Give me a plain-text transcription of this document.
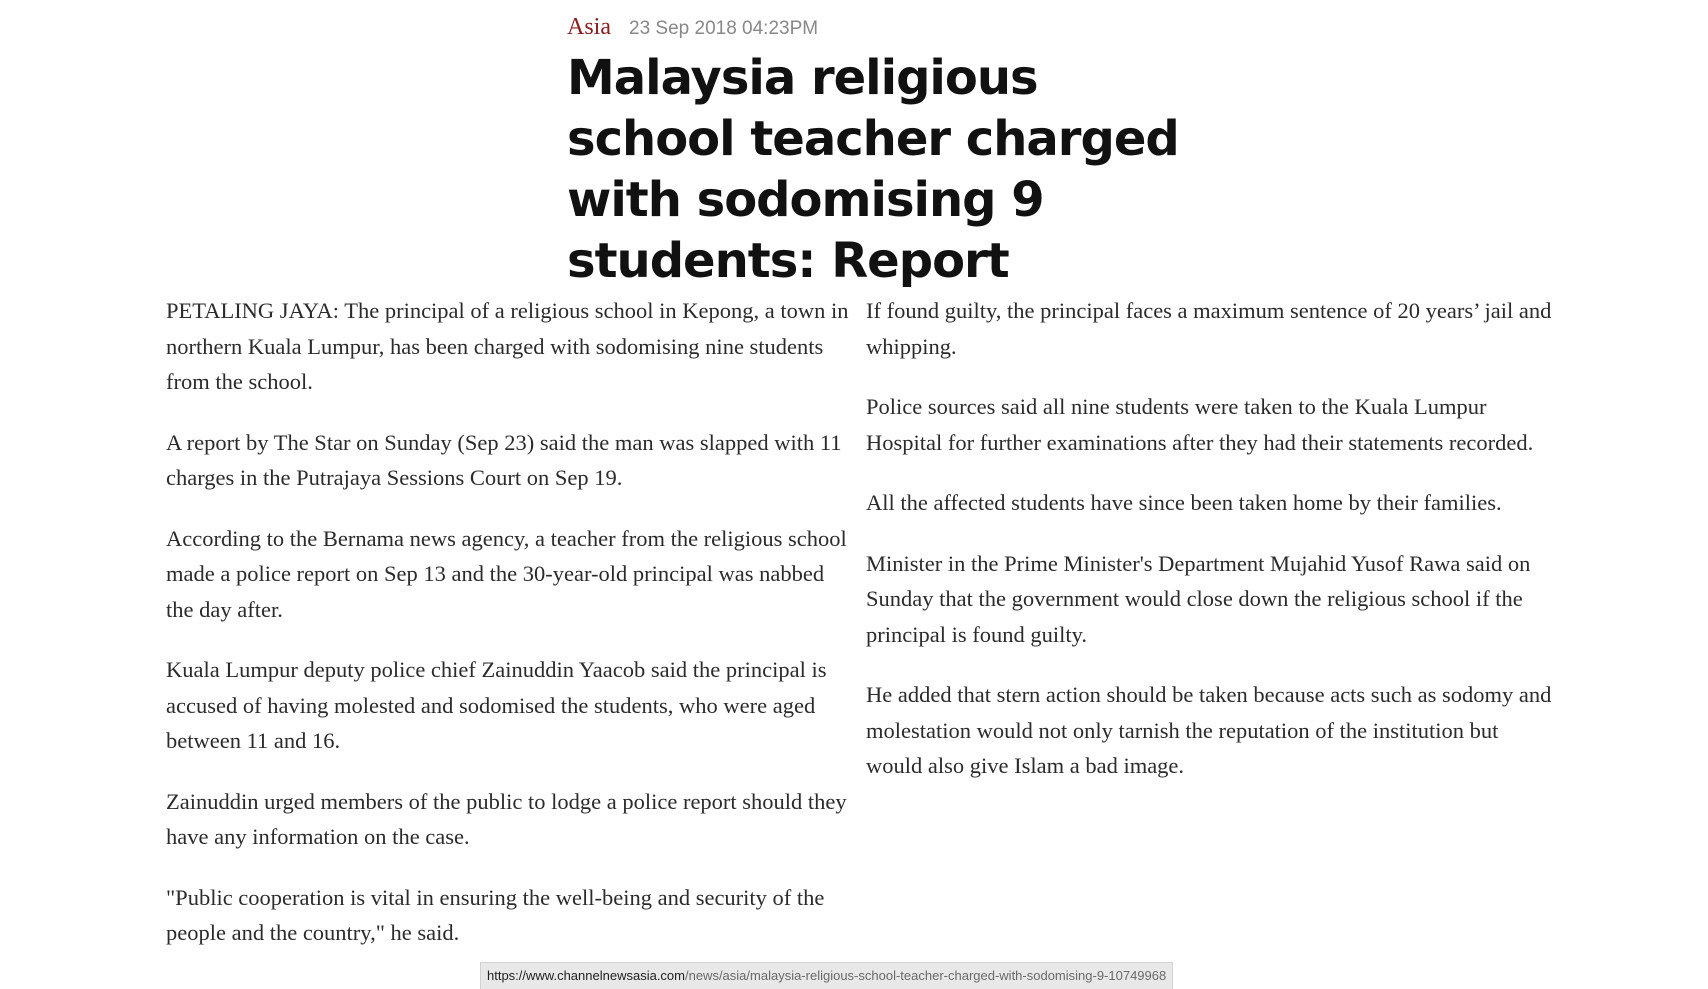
Asia 23 Sep 2018 04:23PM
Malaysia religious school teacher charged with sodomising 9 students: Report

PETALING JAYA: The principal of a religious school in Kepong, a town in northern Kuala Lumpur, has been charged with sodomising nine students from the school.

A report by The Star on Sunday (Sep 23) said the man was slapped with 11 charges in the Putrajaya Sessions Court on Sep 19.

According to the Bernama news agency, a teacher from the religious school made a police report on Sep 13 and the 30-year-old principal was nabbed the day after.

Kuala Lumpur deputy police chief Zainuddin Yaacob said the principal is accused of having molested and sodomised the students, who were aged between 11 and 16.

Zainuddin urged members of the public to lodge a police report should they have any information on the case.

"Public cooperation is vital in ensuring the well-being and security of the people and the country," he said.

If found guilty, the principal faces a maximum sentence of 20 years’ jail and whipping.

Police sources said all nine students were taken to the Kuala Lumpur Hospital for further examinations after they had their statements recorded.

All the affected students have since been taken home by their families.

Minister in the Prime Minister's Department Mujahid Yusof Rawa said on Sunday that the government would close down the religious school if the principal is found guilty.

He added that stern action should be taken because acts such as sodomy and molestation would not only tarnish the reputation of the institution but would also give Islam a bad image.

https://www.channelnewsasia.com/news/asia/malaysia-religious-school-teacher-charged-with-sodomising-9-10749968
